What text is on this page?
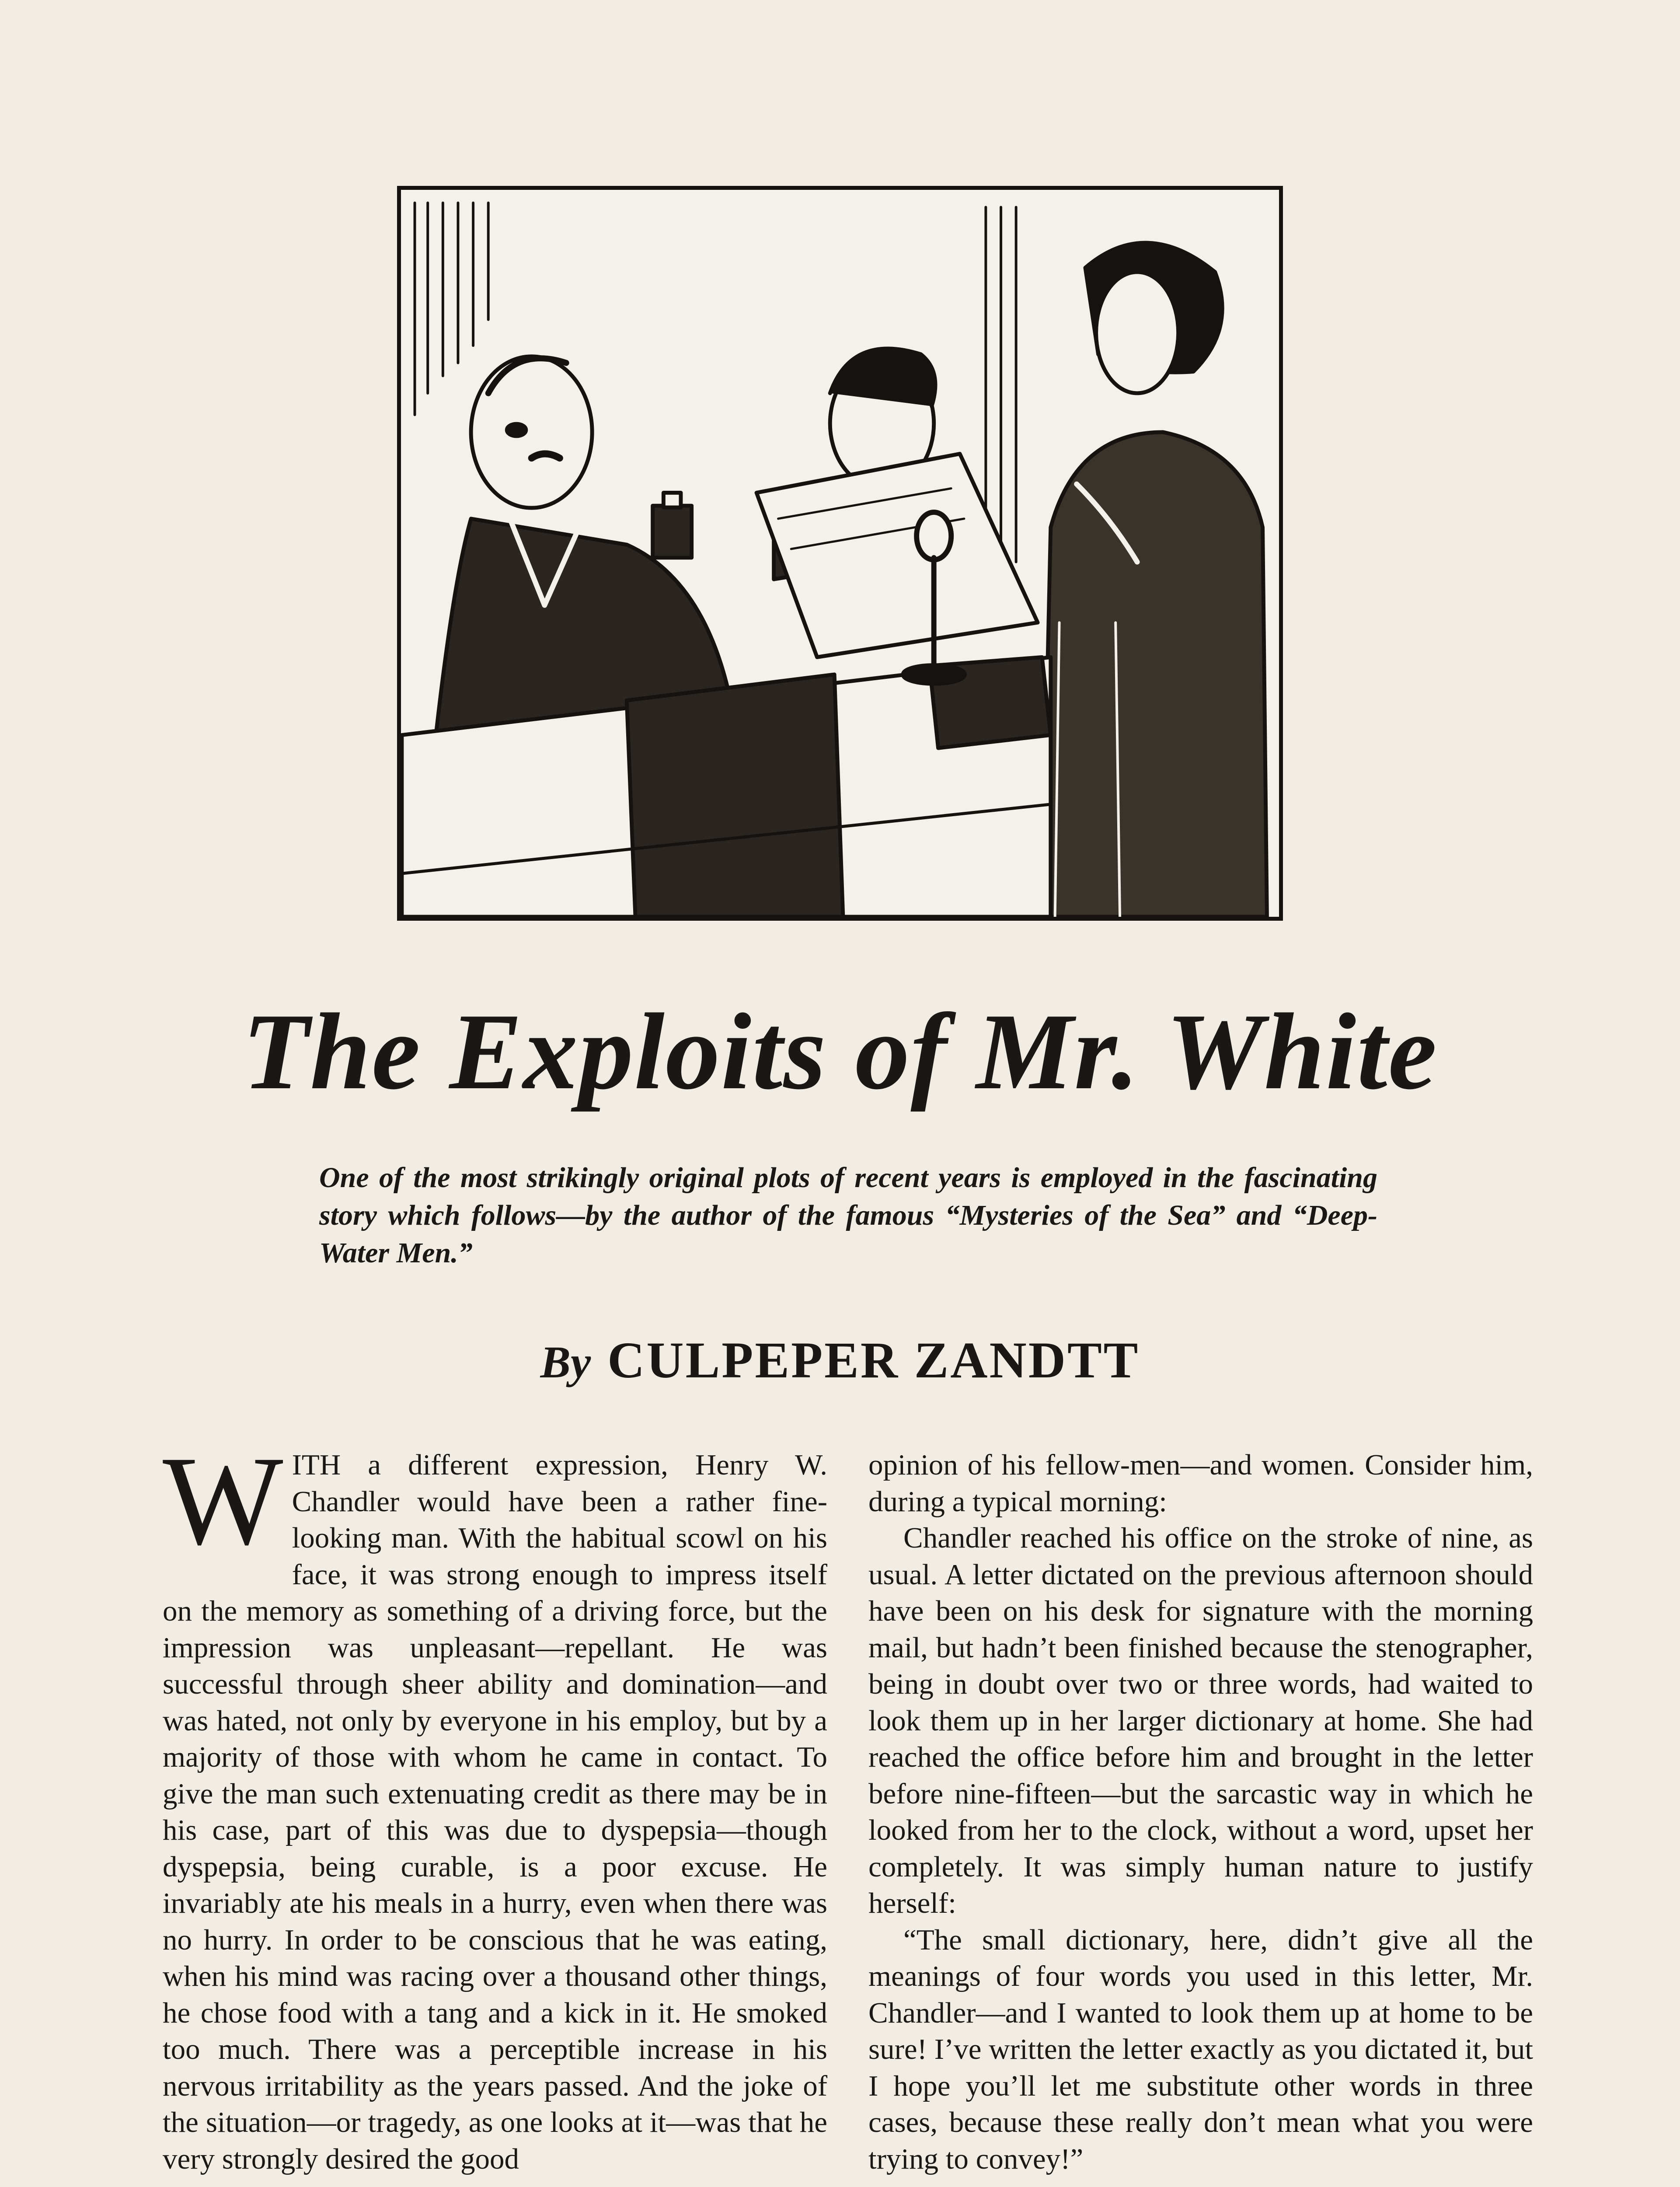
The Exploits of Mr. White

One of the most strikingly original plots of recent years is employed in the fascinating story which follows—by the author of the famous “Mysteries of the Sea” and “Deep-Water Men.”

By CULPEPER ZANDTT

WITH a different expression, Henry W. Chandler would have been a rather fine-looking man. With the habitual scowl on his face, it was strong enough to impress itself on the memory as something of a driving force, but the impression was unpleasant—repellant. He was successful through sheer ability and domination—and was hated, not only by everyone in his employ, but by a majority of those with whom he came in contact. To give the man such extenuating credit as there may be in his case, part of this was due to dyspepsia—though dyspepsia, being curable, is a poor excuse. He invariably ate his meals in a hurry, even when there was no hurry. In order to be conscious that he was eating, when his mind was racing over a thousand other things, he chose food with a tang and a kick in it. He smoked too much. There was a perceptible increase in his nervous irritability as the years passed. And the joke of the situation—or tragedy, as one looks at it—was that he very strongly desired the good

opinion of his fellow-men—and women. Consider him, during a typical morning:

Chandler reached his office on the stroke of nine, as usual. A letter dictated on the previous afternoon should have been on his desk for signature with the morning mail, but hadn’t been finished because the stenographer, being in doubt over two or three words, had waited to look them up in her larger dictionary at home. She had reached the office before him and brought in the letter before nine-fifteen—but the sarcastic way in which he looked from her to the clock, without a word, upset her completely. It was simply human nature to justify herself:

“The small dictionary, here, didn’t give all the meanings of four words you used in this letter, Mr. Chandler—and I wanted to look them up at home to be sure! I’ve written the letter exactly as you dictated it, but I hope you’ll let me substitute other words in three cases, because these really don’t mean what you were trying to convey!”
